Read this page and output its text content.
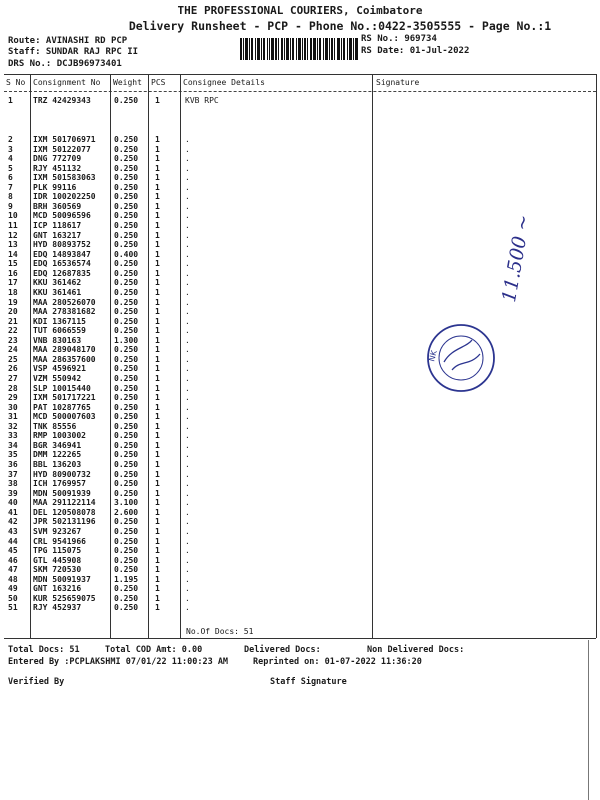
THE PROFESSIONAL COURIERS, Coimbatore
Delivery Runsheet - PCP - Phone No.:0422-3505555 - Page No.:1
Route: AVINASHI RD PCP
Staff: SUNDAR RAJ RPC II
DRS No.: DCJB96973401
RS No.: 969734
RS Date: 01-Jul-2022
S No Consignment No Weight PCS Consignee Details	Signature
1	TRZ 42429343	0.250 1	KVB RPC
2	IXM 501706971 0.250 1	.
3	IXM 50122077	0.250 1	.
4	DNG 772709	0.250 1	.
5	RJY 451132	0.250 1	.
6	IXM 501583063 0.250 1	.
7	PLK 99116	0.250 1	.
8	IDR 100202250 0.250 1	.
9	BRH 360569	0.250 1	.
10 MCD 50096596	0.250 1	.
11 ICP 118617	0.250 1	.
12 GNT 163217	0.250 1	.
13 HYD 80893752	0.250 1	.
14 EDQ 14893847	0.400 1	.
15 EDQ 16536574	0.250 1	.
16 EDQ 12687835	0.250 1	.
17 KKU 361462	0.250 1	.
18 KKU 361461	0.250 1	.
19 MAA 280526070 0.250 1	.
20 MAA 278381682 0.250 1	.
21 KDI 1367115	0.250 1	.
22 TUT 6066559	0.250 1	.
23 VNB 830163	1.300 1	.
24 MAA 289048170 0.250 1	.
25 MAA 286357600 0.250 1	.
26 VSP 4596921	0.250 1	.
27 VZM 550942	0.250 1	.
28 SLP 10015440	0.250 1	.
29 IXM 501717221 0.250 1	.
30 PAT 10287765	0.250 1	.
31 MCD 500007603 0.250 1	.
32 TNK 85556	0.250 1	.
33 RMP 1003002	0.250 1	.
34 BGR 346941	0.250 1	.
35 DMM 122265	0.250 1	.
36 BBL 136203	0.250 1	.
37 HYD 80900732	0.250 1	.
38 ICH 1769957	0.250 1	.
39 MDN 50091939	0.250 1	.
40 MAA 291122114 3.100 1	.
41 DEL 120508078 2.600 1	.
42 JPR 502131196 0.250 1	.
43 SVM 923267	0.250 1	.
44 CRL 9541966	0.250 1	.
45 TPG 115075	0.250 1	.
46 GTL 445908	0.250 1	.
47 SKM 720530	0.250 1	.
48 MDN 50091937	1.195 1	.
49 GNT 163216	0.250 1	.
50 KUR 525659075 0.250 1	.
51 RJY 452937	0.250 1	.
No.Of Docs: 51
Total Docs: 51	Total COD Amt: 0.00	Delivered Docs:	Non Delivered Docs:
Entered By :PCPLAKSHMI 07/01/22 11:00:23 AM	Reprinted on: 01-07-2022 11:36:20
Verified By	Staff Signature
NK
11.500 ~
